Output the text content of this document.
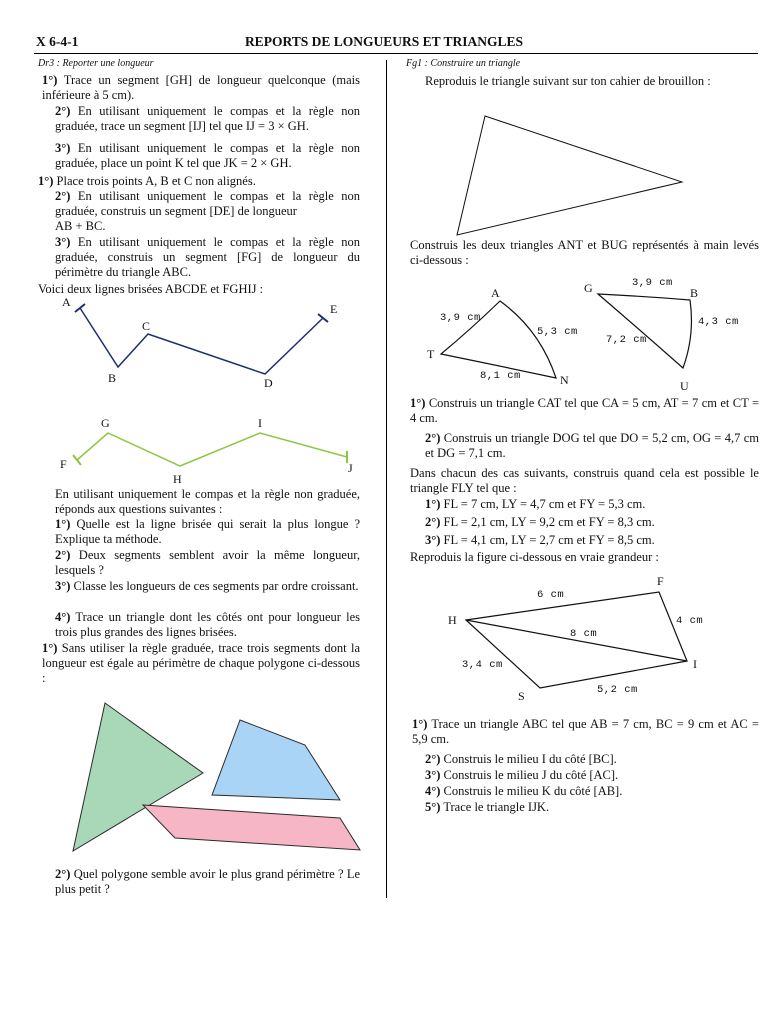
X 6-4-1	REPORTS DE LONGUEURS ET TRIANGLES
Dr3 : Reporter une longueur

1°) Trace un segment [GH] de longueur quelconque (mais inférieure à 5 cm).

2°) En utilisant uniquement le compas et la règle non graduée, trace un segment [IJ] tel que IJ = 3 × GH.

3°) En utilisant uniquement le compas et la règle non graduée, place un point K tel que JK = 2 × GH.

1°) Place trois points A, B et C non alignés.

2°) En utilisant uniquement le compas et la règle non graduée, construis un segment [DE] de longueur

AB + BC.

3°) En utilisant uniquement le compas et la règle non graduée, construis un segment [FG] de longueur du périmètre du triangle ABC.

Voici deux lignes brisées ABCDE et FGHIJ :

A
B
C
D
E
F
G
H
I
J

En utilisant uniquement le compas et la règle non graduée, réponds aux questions suivantes :

1°) Quelle est la ligne brisée qui serait la plus longue ? Explique ta méthode.

2°) Deux segments semblent avoir la même longueur, lesquels ?

3°) Classe les longueurs de ces segments par ordre croissant.

4°) Trace un triangle dont les côtés ont pour longueur les trois plus grandes des lignes brisées.

1°) Sans utiliser la règle graduée, trace trois segments dont la longueur est égale au périmètre de chaque polygone ci-dessous :

2°) Quel polygone semble avoir le plus grand périmètre ? Le plus petit ?

Fg1 : Construire un triangle

Reproduis le triangle suivant sur ton cahier de brouillon :

Construis les deux triangles ANT et BUG représentés à main levés ci-dessous :

A
N
T
3,9 cm
5,3 cm
8,1 cm
G	B
U
3,9 cm
4,3 cm
7,2 cm

1°) Construis un triangle CAT tel que CA = 5 cm, AT = 7 cm et CT = 4 cm.

2°) Construis un triangle DOG tel que DO = 5,2 cm, OG = 4,7 cm et DG = 7,1 cm.

Dans chacun des cas suivants, construis quand cela est possible le triangle FLY tel que :

1°) FL = 7 cm, LY = 4,7 cm et FY = 5,3 cm.

2°) FL = 2,1 cm, LY = 9,2 cm et FY = 8,3 cm.

3°) FL = 4,1 cm, LY = 2,7 cm et FY = 8,5 cm.

Reproduis la figure ci-dessous en vraie grandeur :

H
F
I
S
6 cm
4 cm
8 cm
3,4 cm
5,2 cm

1°) Trace un triangle ABC tel que AB = 7 cm, BC = 9 cm et AC = 5,9 cm.

2°) Construis le milieu I du côté [BC].

3°) Construis le milieu J du côté [AC].

4°) Construis le milieu K du côté [AB].

5°) Trace le triangle IJK.
